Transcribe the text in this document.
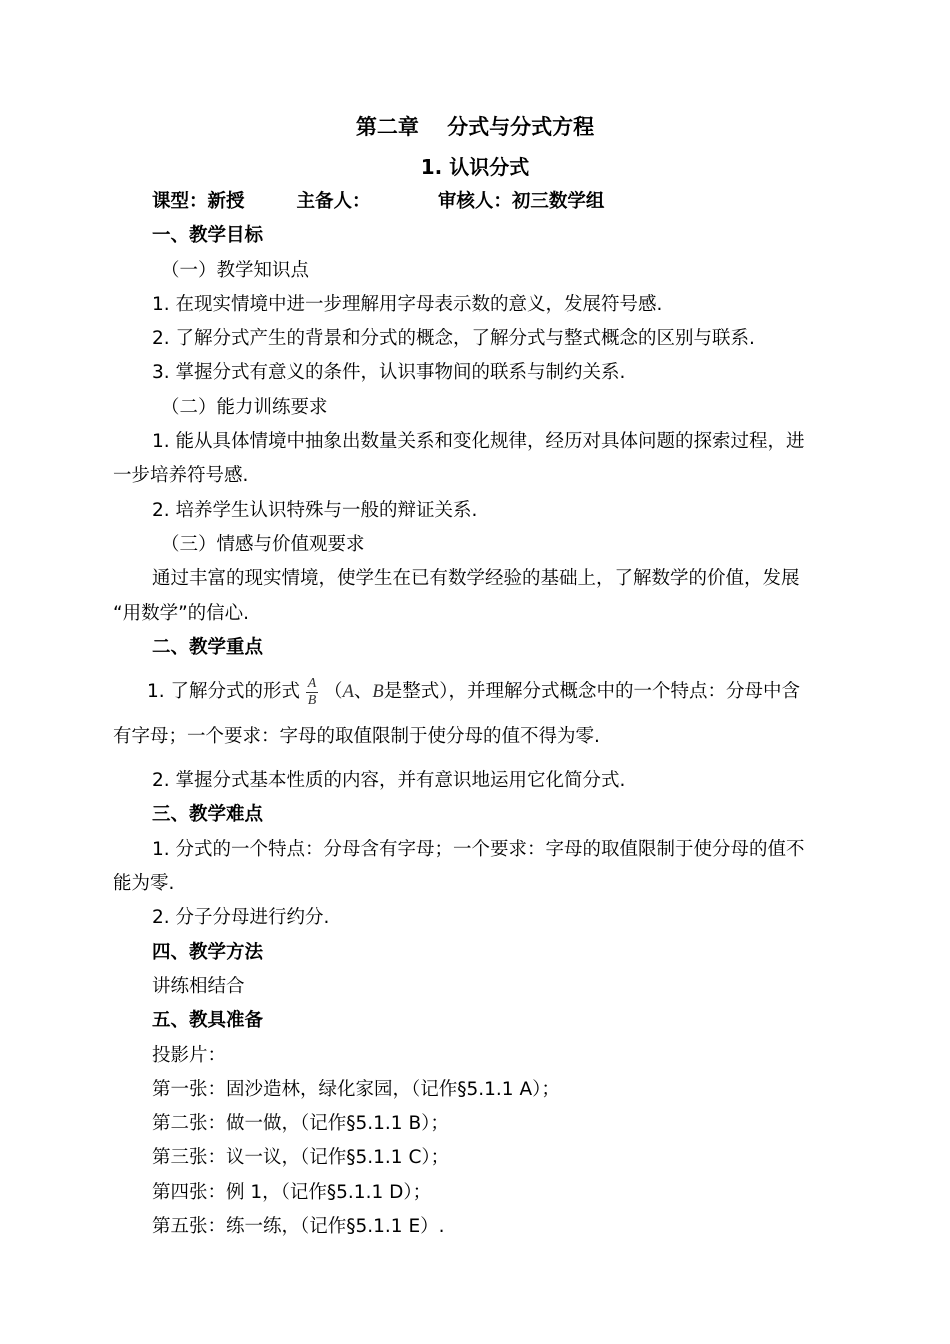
第二章　 分式与分式方程
1. 认识分式
课型：新授	主备人：	审核人：初三数学组
一、教学目标
（一）教学知识点
1. 在现实情境中进一步理解用字母表示数的意义，发展符号感.
2. 了解分式产生的背景和分式的概念，了解分式与整式概念的区别与联系.
3. 掌握分式有意义的条件，认识事物间的联系与制约关系.
（二）能力训练要求
1. 能从具体情境中抽象出数量关系和变化规律，经历对具体问题的探索过程，进
一步培养符号感.
2. 培养学生认识特殊与一般的辩证关系.
（三）情感与价值观要求
通过丰富的现实情境，使学生在已有数学经验的基础上，了解数学的价值，发展
“用数学”的信心.
二、教学重点
1. 了解分式的形式 $\frac{A}{B} (A$、B是整式），并理解分式概念中的一个特点：分母中含
有字母；一个要求：字母的取值限制于使分母的值不得为零.
2. 掌握分式基本性质的内容，并有意识地运用它化简分式.
三、教学难点
1. 分式的一个特点：分母含有字母；一个要求：字母的取值限制于使分母的值不
能为零.
2. 分子分母进行约分.
四、教学方法
讲练相结合
五、教具准备
投影片：
第一张：固沙造林，绿化家园，（记作§5.1.1 A）；
第二张：做一做，（记作§5.1.1 B）；
第三张：议一议，（记作§5.1.1 C）；
第四张：例 1，（记作§5.1.1 D）；
第五张：练一练，（记作§5.1.1 E）.
